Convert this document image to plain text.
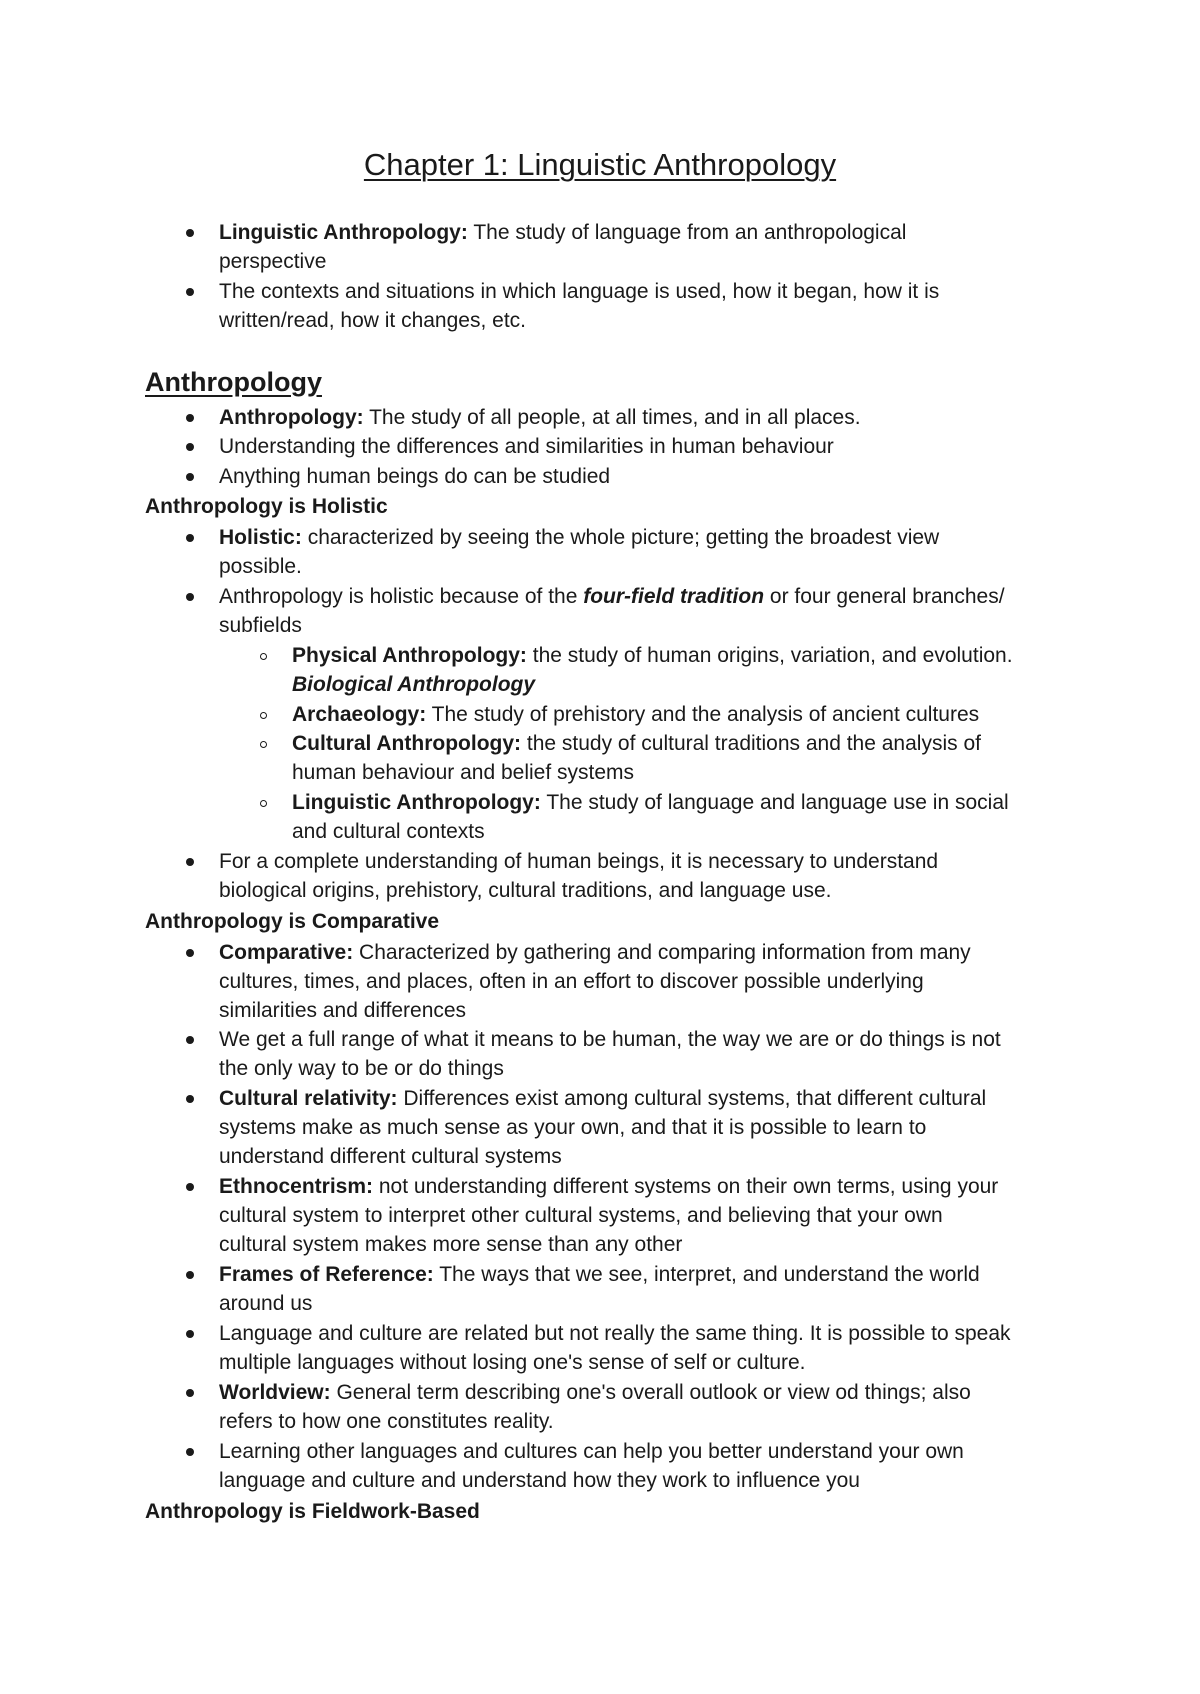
Chapter 1: Linguistic Anthropology
Linguistic Anthropology: The study of language from an anthropological
perspective
The contexts and situations in which language is used, how it began, how it is
written/read, how it changes, etc.
Anthropology
Anthropology: The study of all people, at all times, and in all places.
Understanding the differences and similarities in human behaviour
Anything human beings do can be studied
Anthropology is Holistic
Holistic: characterized by seeing the whole picture; getting the broadest view
possible.
Anthropology is holistic because of the four-field tradition or four general branches/
subfields
Physical Anthropology: the study of human origins, variation, and evolution.
Biological Anthropology
Archaeology: The study of prehistory and the analysis of ancient cultures
Cultural Anthropology: the study of cultural traditions and the analysis of
human behaviour and belief systems
Linguistic Anthropology: The study of language and language use in social
and cultural contexts
For a complete understanding of human beings, it is necessary to understand
biological origins, prehistory, cultural traditions, and language use.
Anthropology is Comparative
Comparative: Characterized by gathering and comparing information from many
cultures, times, and places, often in an effort to discover possible underlying
similarities and differences
We get a full range of what it means to be human, the way we are or do things is not
the only way to be or do things
Cultural relativity: Differences exist among cultural systems, that different cultural
systems make as much sense as your own, and that it is possible to learn to
understand different cultural systems
Ethnocentrism: not understanding different systems on their own terms, using your
cultural system to interpret other cultural systems, and believing that your own
cultural system makes more sense than any other
Frames of Reference: The ways that we see, interpret, and understand the world
around us
Language and culture are related but not really the same thing. It is possible to speak
multiple languages without losing one's sense of self or culture.
Worldview: General term describing one's overall outlook or view od things; also
refers to how one constitutes reality.
Learning other languages and cultures can help you better understand your own
language and culture and understand how they work to influence you
Anthropology is Fieldwork-Based
